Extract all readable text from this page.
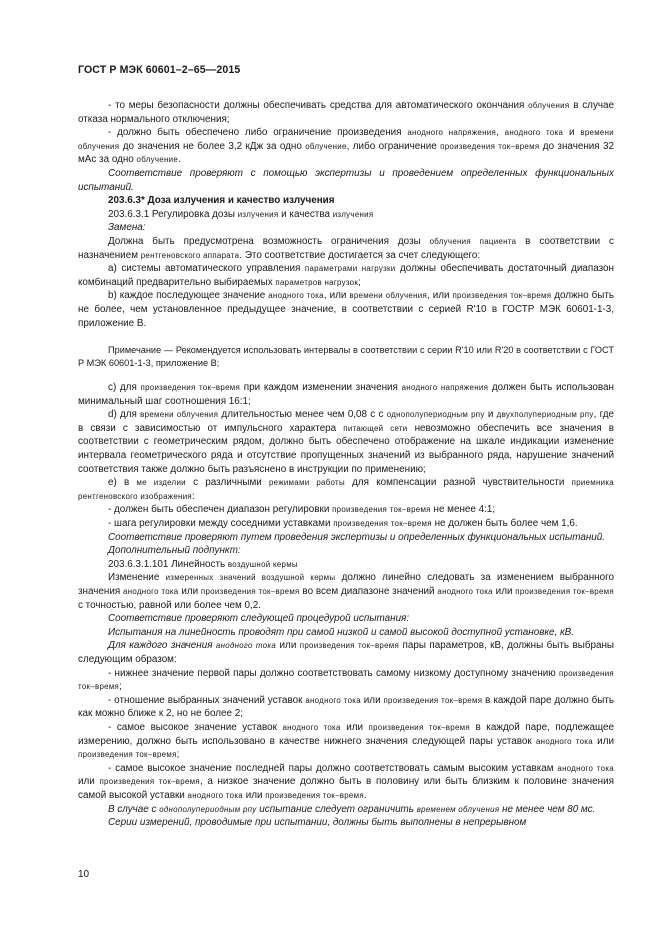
ГОСТ Р МЭК 60601–2–65—2015

- то меры безопасности должны обеспечивать средства для автоматического окончания облучения в случае отказа нормального отключения;

- должно быть обеспечено либо ограничение произведения анодного напряжения, анодного тока и времени облучения до значения не более 3,2 кДж за одно облучение, либо ограничение произведения ток–время до значения 32 мАс за одно облучение.

Соответствие проверяют с помощью экспертизы и проведением определенных функциональных испытаний.

203.6.3* Доза излучения и качество излучения

203.6.3.1 Регулировка дозы излучения и качества излучения

Замена:

Должна быть предусмотрена возможность ограничения дозы облучения пациента в соответствии с назначением рентгеновского аппарата. Это соответствие достигается за счет следующего:

а) системы автоматического управления параметрами нагрузки должны обеспечивать достаточный диапазон комбинаций предварительно выбираемых параметров нагрузок;

b) каждое последующее значение анодного тока, или времени облучения, или произведения ток–время должно быть не более, чем установленное предыдущее значение, в соответствии с серией R'10 в ГОСТР МЭК 60601-1-3, приложение В.

Примечание — Рекомендуется использовать интервалы в соответствии с серии R'10 или R'20 в соответствии с ГОСТ Р МЭК 60601-1-3, приложение В;

с) для произведения ток–время при каждом изменении значения анодного напряжения должен быть использован минимальный шаг соотношения 16:1;

d) для времени облучения длительностью менее чем 0,08 с с однополупериодным рпу и двухполупериодным рпу, где в связи с зависимостью от импульсного характера питающей сети невозможно обеспечить все значения в соответствии с геометрическим рядом, должно быть обеспечено отображение на шкале индикации изменение интервала геометрического ряда и отсутствие пропущенных значений из выбранного ряда, нарушение значений соответствия также должно быть разъяснено в инструкции по применению;

е) в ме изделии с различными режимами работы для компенсации разной чувствительности приемника рентгеновского изображения:

- должен быть обеспечен диапазон регулировки произведения ток–время не менее 4:1;

- шага регулировки между соседними уставками произведения ток–время не должен быть более чем 1,6.

Соответствие проверяют путем проведения экспертизы и определенных функциональных испытаний.

Дополнительный подпункт:

203.6.3.1.101 Линейность воздушной кермы

Изменение измеренных значений воздушной кермы должно линейно следовать за изменением выбранного значения анодного тока или произведения ток–время во всем диапазоне значений анодного тока или произведения ток–время с точностью, равной или более чем 0,2.

Соответствие проверяют следующей процедурой испытания:

Испытания на линейность проводят при самой низкой и самой высокой доступной установке, кВ.

Для каждого значения анодного тока или произведения ток–время пары параметров, кВ, должны быть выбраны следующим образом:

- нижнее значение первой пары должно соответствовать самому низкому доступному значению произведения ток–время;

- отношение выбранных значений уставок анодного тока или произведения ток–время в каждой паре должно быть как можно ближе к 2, но не более 2;

- самое высокое значение уставок анодного тока или произведения ток–время в каждой паре, подлежащее измерению, должно быть использовано в качестве нижнего значения следующей пары уставок анодного тока или произведения ток–время;

- самое высокое значение последней пары должно соответствовать самым высоким уставкам анодного тока или произведения ток–время, а низкое значение должно быть в половину или быть близким к половине значения самой высокой уставки анодного тока или произведения ток–время.

В случае с однополупериодным рпу испытание следует ограничить временем облучения не менее чем 80 мс.

Серии измерений, проводимые при испытании, должны быть выполнены в непрерывном

10
